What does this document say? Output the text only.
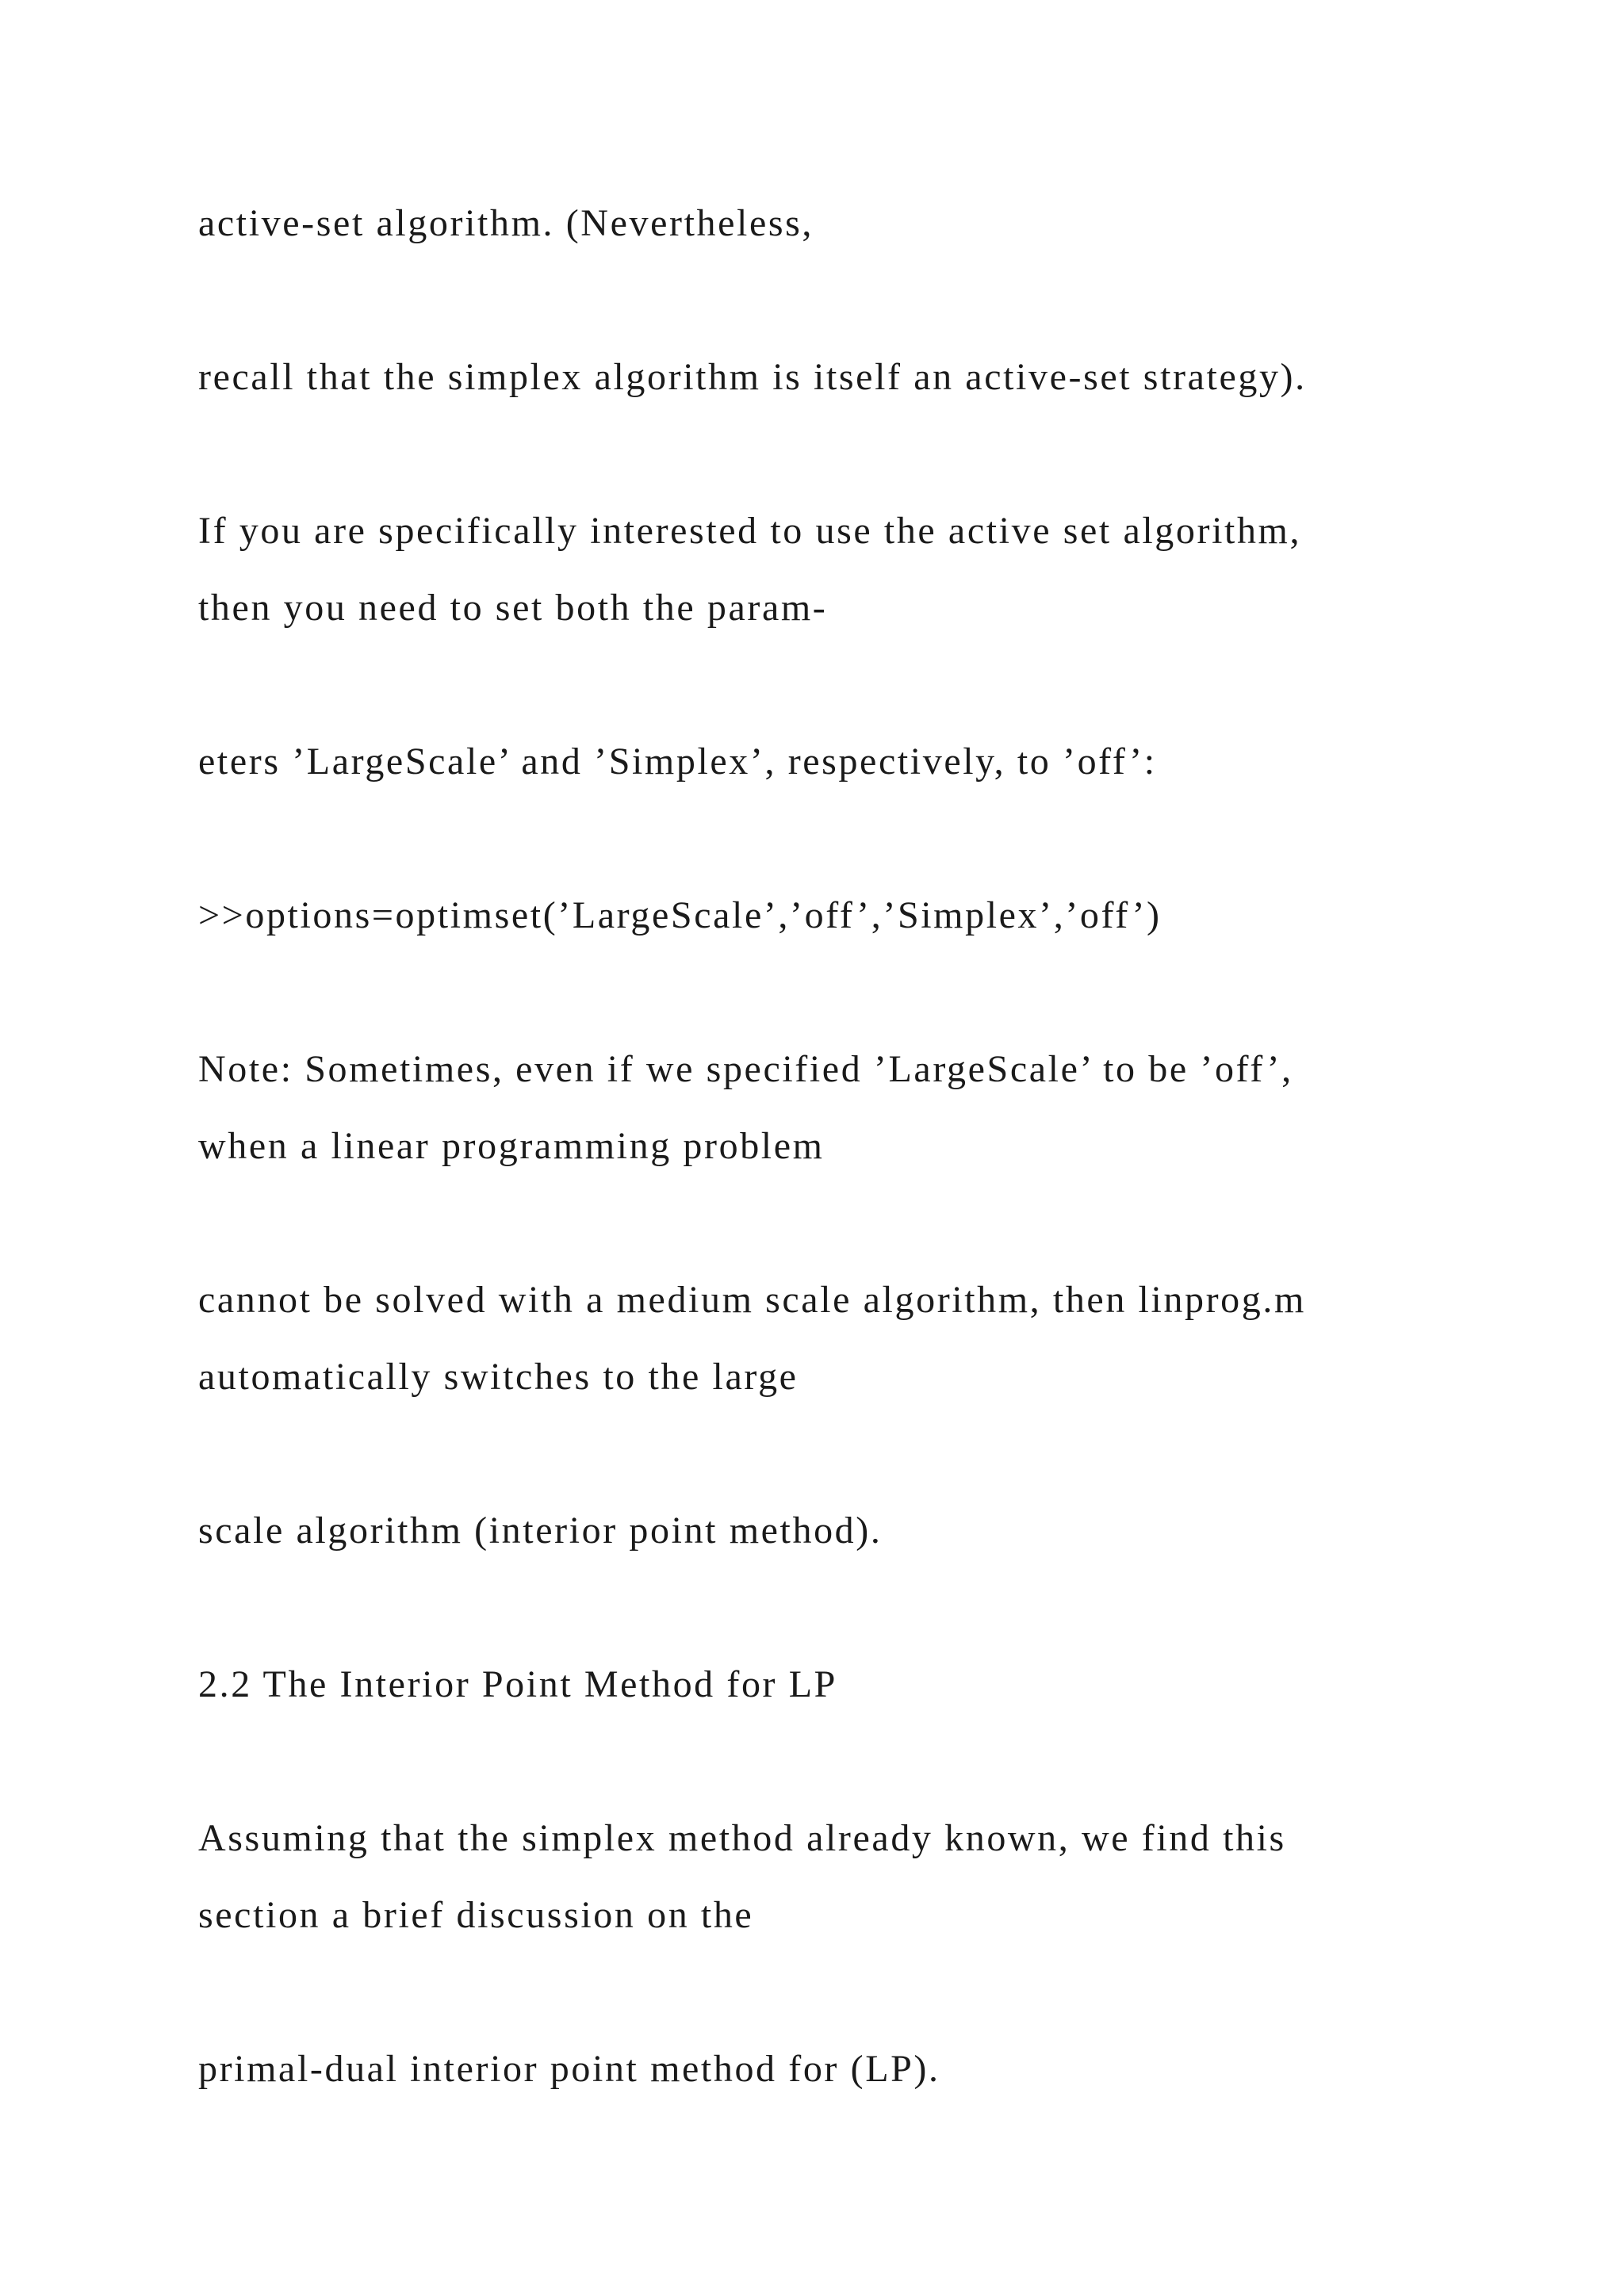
active-set algorithm. (Nevertheless,

recall that the simplex algorithm is itself an active-set strategy).

If you are specifically interested to use the active set algorithm,

then you need to set both the param-

eters ’LargeScale’ and ’Simplex’, respectively, to ’off’:

>>options=optimset(’LargeScale’,’off’,’Simplex’,’off’)

Note: Sometimes, even if we specified ’LargeScale’ to be ’off’,

when a linear programming problem

cannot be solved with a medium scale algorithm, then linprog.m

automatically switches to the large

scale algorithm (interior point method).

2.2 The Interior Point Method for LP

Assuming that the simplex method already known, we find this

section a brief discussion on the

primal-dual interior point method for (LP).
